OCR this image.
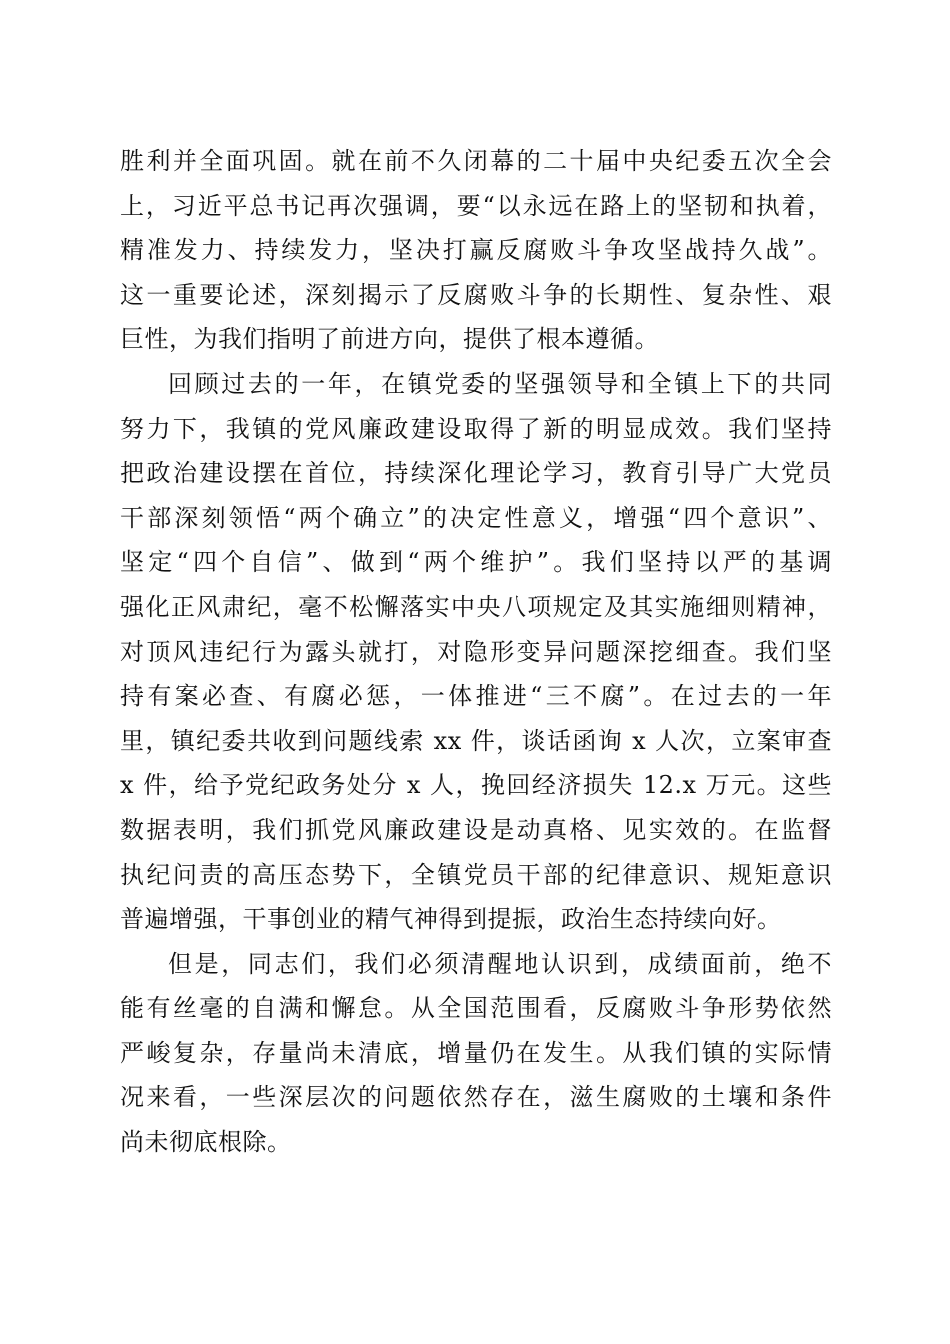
胜利并全面巩固。就在前不久闭幕的二十届中央纪委五次全会
上，习近平总书记再次强调，要“以永远在路上的坚韧和执着，
精准发力、持续发力，坚决打赢反腐败斗争攻坚战持久战”。
这一重要论述，深刻揭示了反腐败斗争的长期性、复杂性、艰
巨性，为我们指明了前进方向，提供了根本遵循。
回顾过去的一年，在镇党委的坚强领导和全镇上下的共同
努力下，我镇的党风廉政建设取得了新的明显成效。我们坚持
把政治建设摆在首位，持续深化理论学习，教育引导广大党员
干部深刻领悟“两个确立”的决定性意义，增强“四个意识”、
坚定“四个自信”、做到“两个维护”。我们坚持以严的基调
强化正风肃纪，毫不松懈落实中央八项规定及其实施细则精神，
对顶风违纪行为露头就打，对隐形变异问题深挖细查。我们坚
持有案必查、有腐必惩，一体推进“三不腐”。在过去的一年
里，镇纪委共收到问题线索 xx 件，谈话函询 x 人次，立案审查
x 件，给予党纪政务处分 x 人，挽回经济损失 12.x 万元。这些
数据表明，我们抓党风廉政建设是动真格、见实效的。在监督
执纪问责的高压态势下，全镇党员干部的纪律意识、规矩意识
普遍增强，干事创业的精气神得到提振，政治生态持续向好。
但是，同志们，我们必须清醒地认识到，成绩面前，绝不
能有丝毫的自满和懈怠。从全国范围看，反腐败斗争形势依然
严峻复杂，存量尚未清底，增量仍在发生。从我们镇的实际情
况来看，一些深层次的问题依然存在，滋生腐败的土壤和条件
尚未彻底根除。
